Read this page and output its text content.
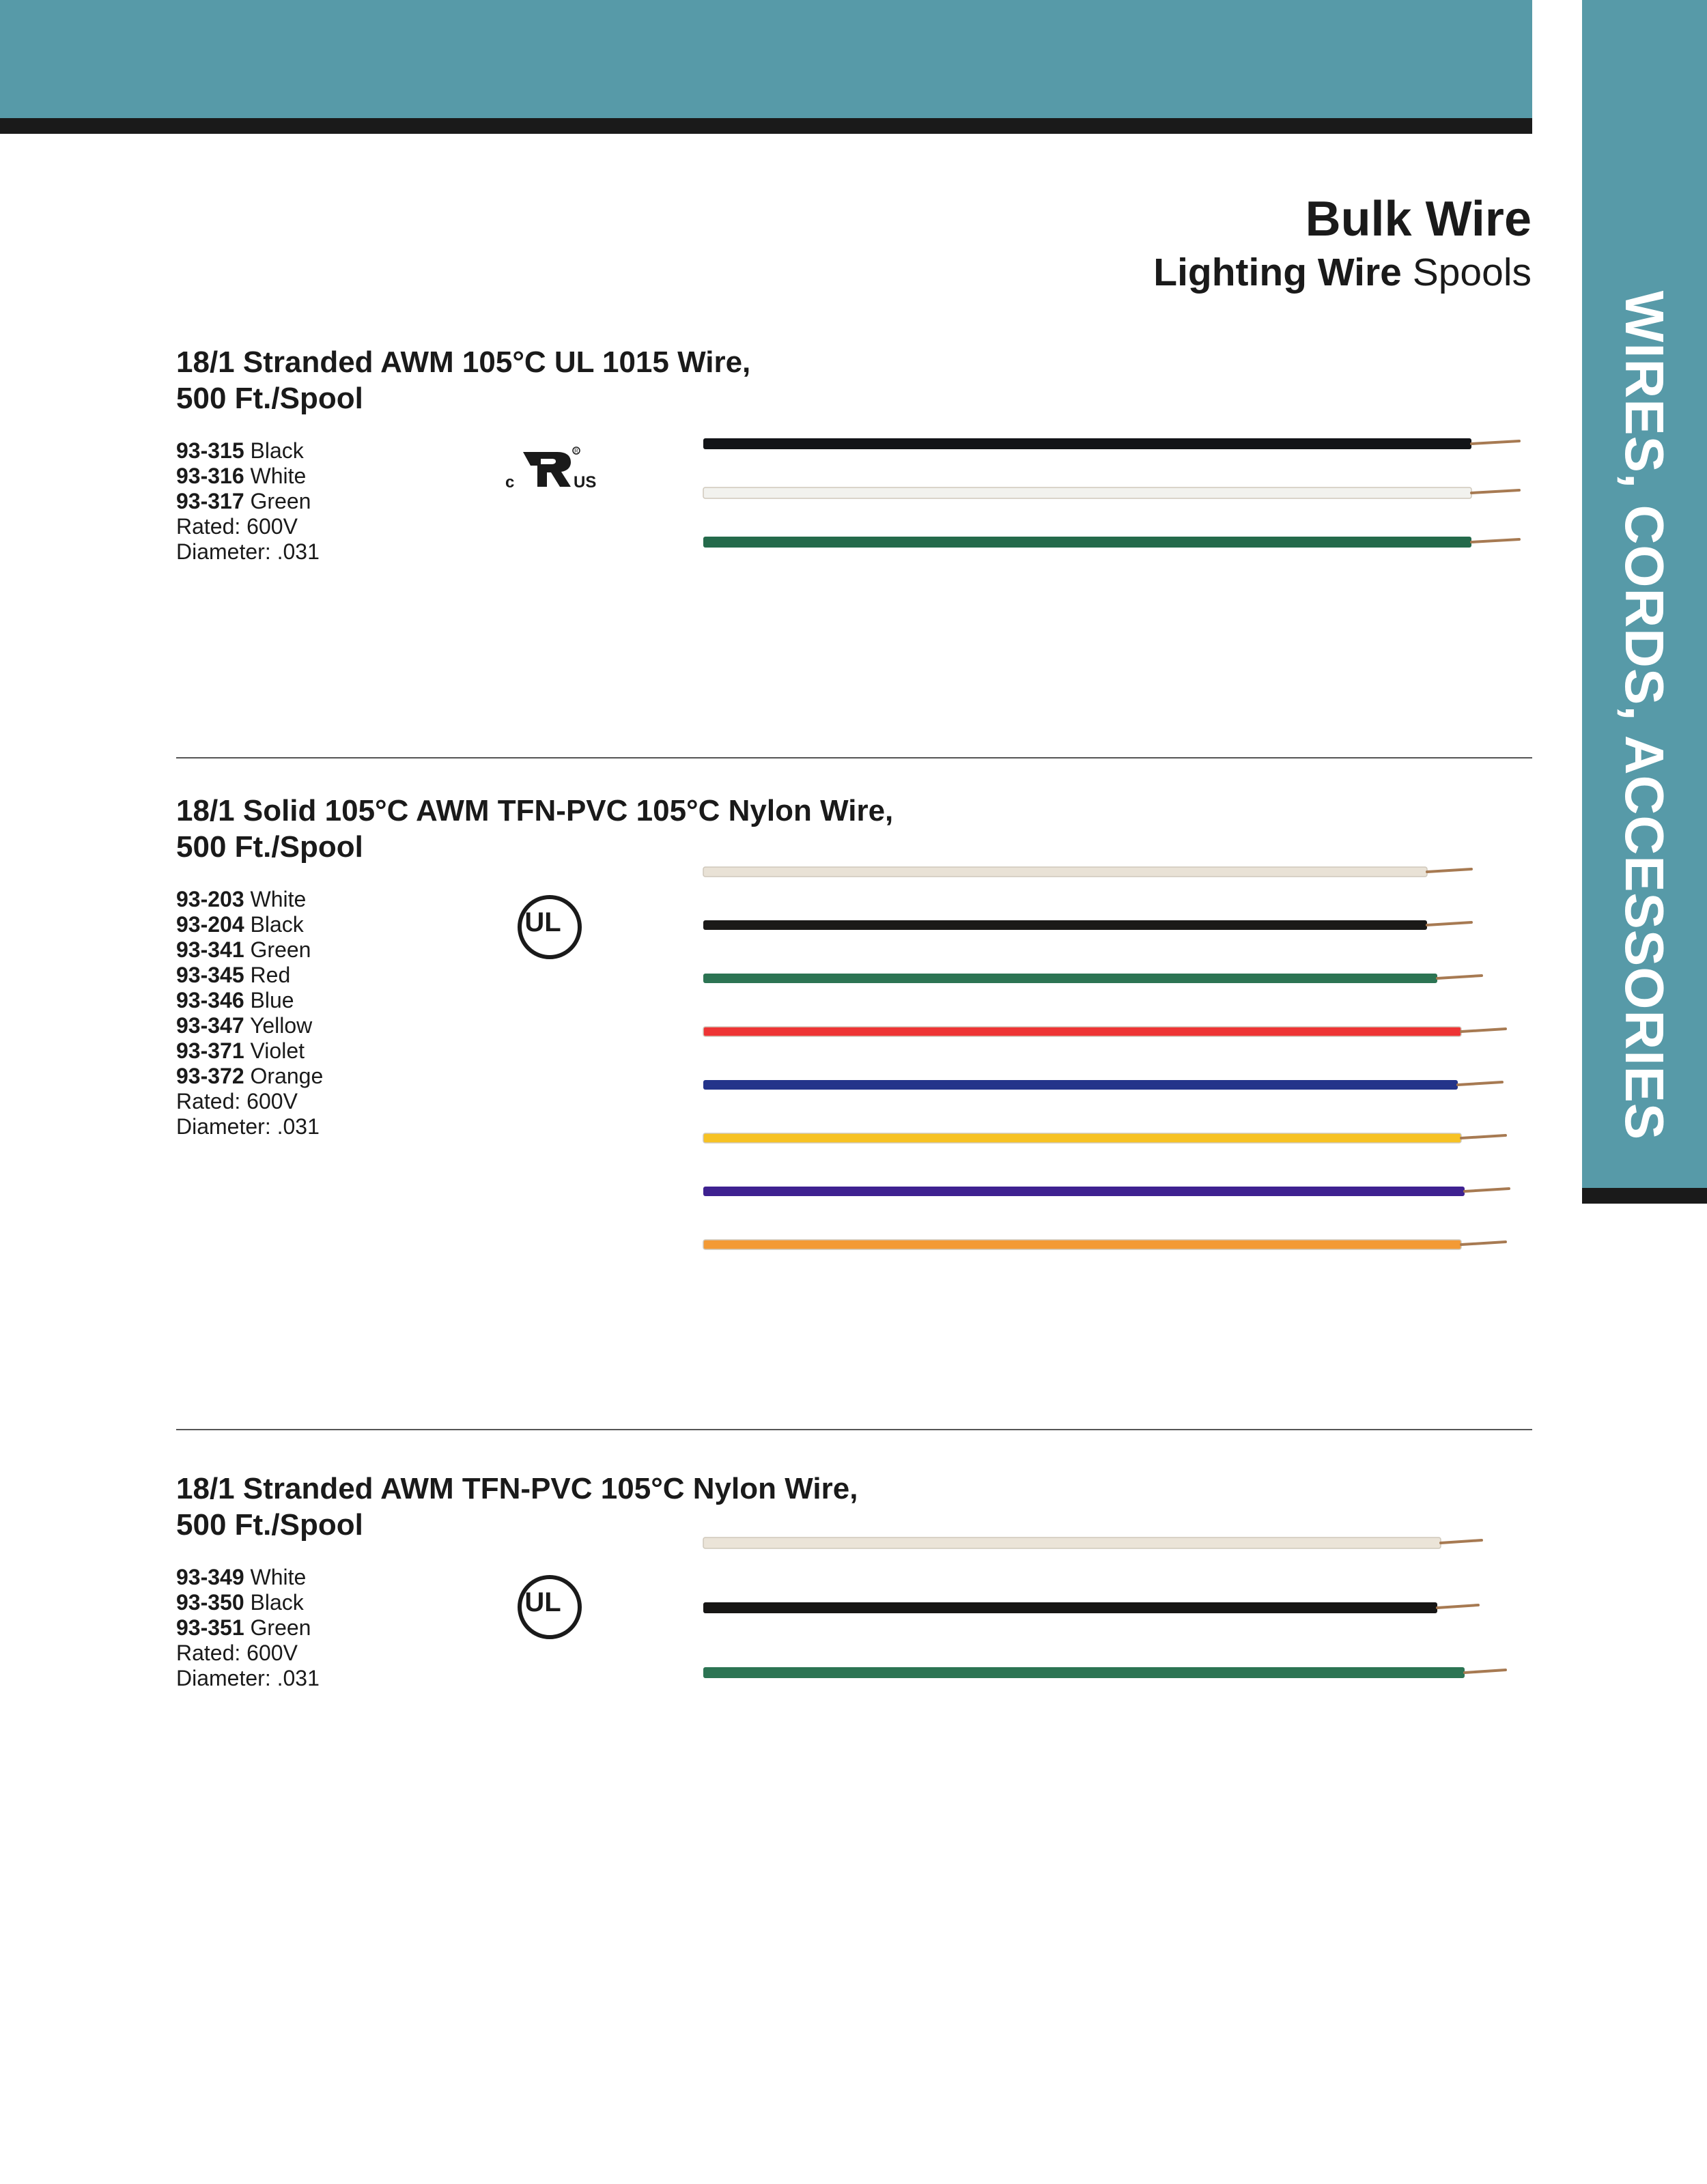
WIRES, CORDS, ACCESSORIES
Bulk Wire
Lighting Wire Spools
18/1 Stranded AWM 105°C UL 1015 Wire,
500 Ft./Spool
93-315 Black
93-316 White
93-317 Green
Rated: 600V
Diameter: .031
c
R
US
18/1 Solid 105°C AWM TFN-PVC 105°C Nylon Wire,
500 Ft./Spool
93-203 White
93-204 Black
93-341 Green
93-345 Red
93-346 Blue
93-347 Yellow
93-371 Violet
93-372 Orange
Rated: 600V
Diameter: .031
UL
18/1 Stranded AWM TFN-PVC 105°C Nylon Wire,
500 Ft./Spool
93-349 White
93-350 Black
93-351 Green
Rated: 600V
Diameter: .031
UL
